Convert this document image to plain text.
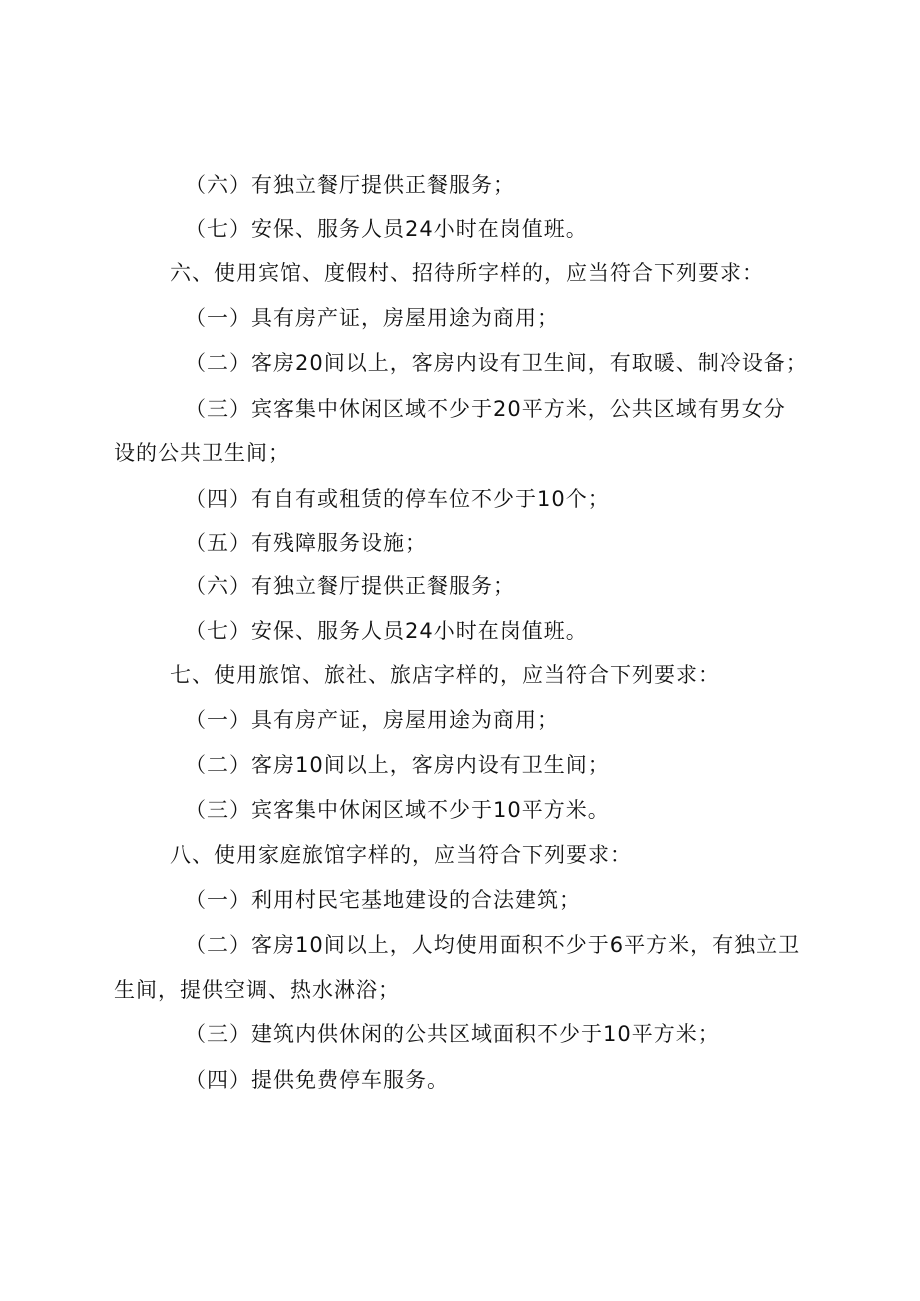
（六）有独立餐厅提供正餐服务；
（七）安保、服务人员24小时在岗值班。
六、使用宾馆、度假村、招待所字样的，应当符合下列要求：
（一）具有房产证，房屋用途为商用；
（二）客房20间以上，客房内设有卫生间，有取暖、制冷设备；
（三）宾客集中休闲区域不少于20平方米，公共区域有男女分
设的公共卫生间；
（四）有自有或租赁的停车位不少于10个；
（五）有残障服务设施；
（六）有独立餐厅提供正餐服务；
（七）安保、服务人员24小时在岗值班。
七、使用旅馆、旅社、旅店字样的，应当符合下列要求：
（一）具有房产证，房屋用途为商用；
（二）客房10间以上，客房内设有卫生间；
（三）宾客集中休闲区域不少于10平方米。
八、使用家庭旅馆字样的，应当符合下列要求：
（一）利用村民宅基地建设的合法建筑；
（二）客房10间以上，人均使用面积不少于6平方米，有独立卫
生间，提供空调、热水淋浴；
（三）建筑内供休闲的公共区域面积不少于10平方米；
（四）提供免费停车服务。
